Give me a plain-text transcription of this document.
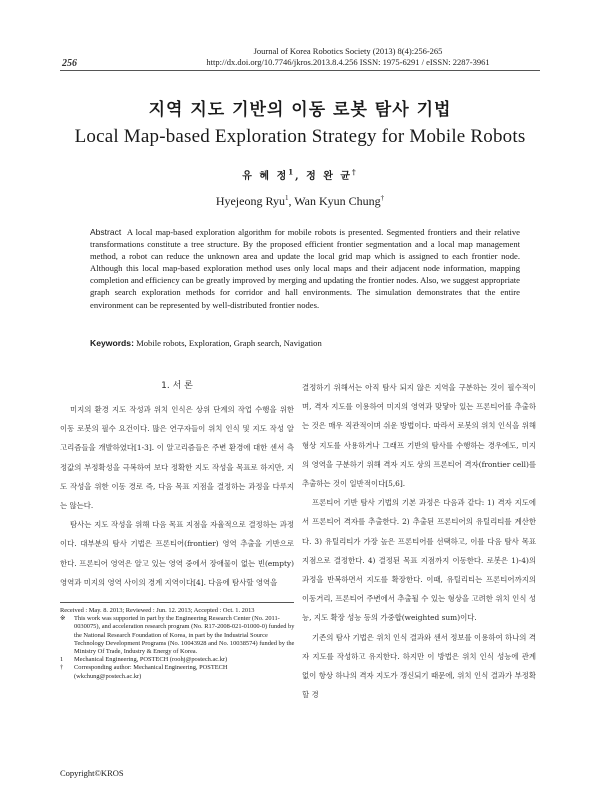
256
Journal of Korea Robotics Society (2013) 8(4):256-265
http://dx.doi.org/10.7746/jkros.2013.8.4.256 ISSN: 1975-6291 / eISSN: 2287-3961
지역 지도 기반의 이동 로봇 탐사 기법
Local Map-based Exploration Strategy for Mobile Robots
유 혜 정$^1$, 정 완 균†
Hyejeong Ryu$^1$, Wan Kyun Chung†
Abstract A local map-based exploration algorithm for mobile robots is presented. Segmented frontiers and their relative transformations constitute a tree structure. By the proposed efficient frontier segmentation and a local map management method, a robot can reduce the unknown area and update the local grid map which is assigned to each frontier node. Although this local map-based exploration method uses only local maps and their adjacent node information, mapping completion and efficiency can be greatly improved by merging and updating the frontier nodes. Also, we suggest appropriate graph search exploration methods for corridor and hall environments. The simulation demonstrates that the entire environment can be represented by well-distributed frontier nodes.
Keywords: Mobile robots, Exploration, Graph search, Navigation
1. 서 론

미지의 환경 지도 작성과 위치 인식은 상위 단계의 작업 수행을 위한 이동 로봇의 필수 요건이다. 많은 연구자들이 위치 인식 및 지도 작성 알고리즘들을 개발하였다[1-3]. 이 알고리즘들은 주변 환경에 대한 센서 측정값의 부정확성을 극복하여 보다 정확한 지도 작성을 목표로 하지만, 지도 작성을 위한 이동 경로 즉, 다음 목표 지점을 결정하는 과정을 다루지는 않는다.

탐사는 지도 작성을 위해 다음 목표 지점을 자율적으로 결정하는 과정이다. 대부분의 탐사 기법은 프론티어(frontier) 영역 추출을 기반으로 한다. 프론티어 영역은 알고 있는 영역 중에서 장애물이 없는 빈(empty) 영역과 미지의 영역 사이의 경계 지역이다[4]. 다음에 탐사할 영역을

결정하기 위해서는 아직 탐사 되지 않은 지역을 구분하는 것이 필수적이며, 격자 지도를 이용하여 미지의 영역과 맞닿아 있는 프론티어를 추출하는 것은 매우 직관적이며 쉬운 방법이다. 따라서 로봇의 위치 인식을 위해 형상 지도를 사용하거나 그래프 기반의 탐사를 수행하는 경우에도, 미지의 영역을 구분하기 위해 격자 지도 상의 프론티어 격자(frontier cell)를 추출하는 것이 일반적이다[5,6].

프론티어 기반 탐사 기법의 기본 과정은 다음과 같다: 1) 격자 지도에서 프론티어 격자를 추출한다. 2) 추출된 프론티어의 유틸리티를 계산한다. 3) 유틸리티가 가장 높은 프론티어를 선택하고, 이를 다음 탐사 목표 지점으로 결정한다. 4) 결정된 목표 지점까지 이동한다. 로봇은 1)-4)의 과정을 반복하면서 지도를 확장한다. 이때, 유틸리티는 프론티어까지의 이동거리, 프론티어 주변에서 추출될 수 있는 형상을 고려한 위치 인식 성능, 지도 확장 성능 등의 가중합(weighted sum)이다.

기존의 탐사 기법은 위치 인식 결과와 센서 정보를 이용하여 하나의 격자 지도를 작성하고 유지한다. 하지만 이 방법은 위치 인식 성능에 관계 없이 항상 하나의 격자 지도가 갱신되기 때문에, 위치 인식 결과가 부정확할 경

Received : May. 8. 2013; Reviewed : Jun. 12. 2013; Accepted : Oct. 1. 2013
※	This work was supported in part by the Engineering Research Center (No. 2011-0030075), and acceleration research program (No. R17-2008-021-01000-0) funded by the National Research Foundation of Korea, in part by the Industrial Source Technology Development Programs (No. 10043928 and No. 10038574) funded by the Ministry Of Trade, Industry & Energy of Korea.
1	Mechanical Engineering, POSTECH (roohj@postech.ac.kr)
†	Corresponding author: Mechanical Engineering, POSTECH (wkchung@postech.ac.kr)
Copyright©KROS
